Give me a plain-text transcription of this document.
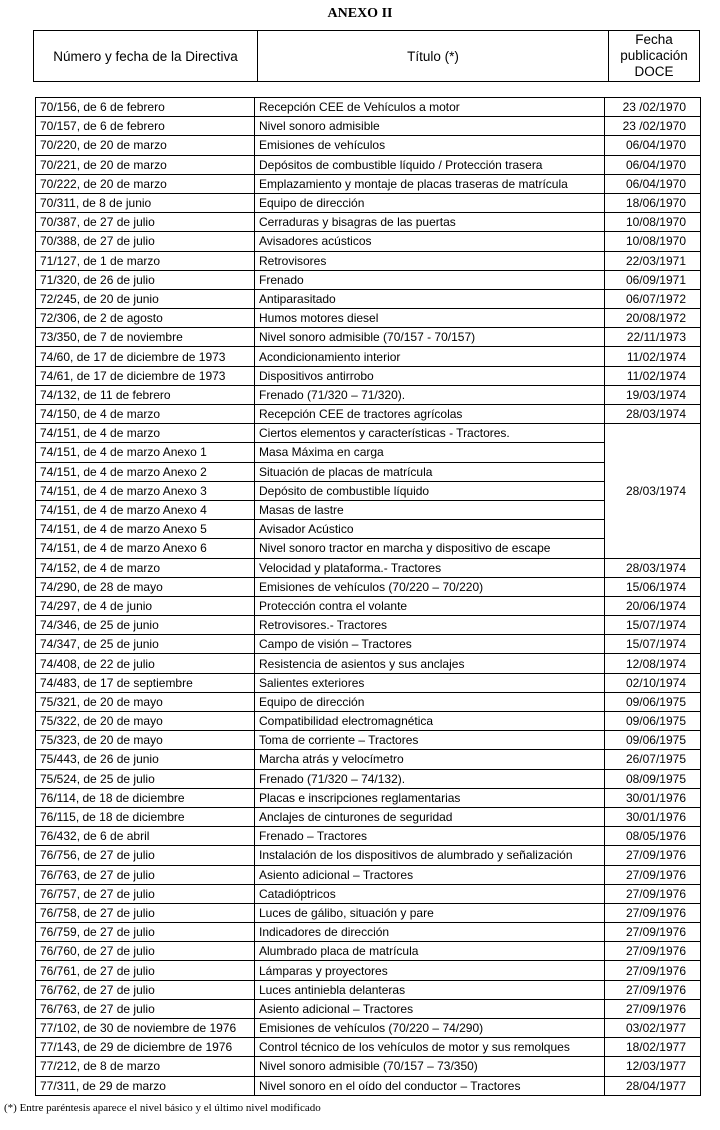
ANEXO II
Número y fecha de la Directiva	Título (*)
Fecha
publicación
DOCE
70/156, de 6 de febrero	Recepción CEE de Vehículos a motor	23 /02/1970
70/157, de 6 de febrero	Nivel sonoro admisible	23 /02/1970
70/220, de 20 de marzo	Emisiones de vehículos	06/04/1970
70/221, de 20 de marzo	Depósitos de combustible líquido / Protección trasera	06/04/1970
70/222, de 20 de marzo	Emplazamiento y montaje de placas traseras de matrícula	06/04/1970
70/311, de 8 de junio	Equipo de dirección	18/06/1970
70/387, de 27 de julio	Cerraduras y bisagras de las puertas	10/08/1970
70/388, de 27 de julio	Avisadores acústicos	10/08/1970
71/127, de 1 de marzo	Retrovisores	22/03/1971
71/320, de 26 de julio	Frenado	06/09/1971
72/245, de 20 de junio	Antiparasitado	06/07/1972
72/306, de 2 de agosto	Humos motores diesel	20/08/1972
73/350, de 7 de noviembre	Nivel sonoro admisible (70/157 - 70/157)	22/11/1973
74/60, de 17 de diciembre de 1973	Acondicionamiento interior	11/02/1974
74/61, de 17 de diciembre de 1973	Dispositivos antirrobo	11/02/1974
74/132, de 11 de febrero	Frenado (71/320 – 71/320).	19/03/1974
74/150, de 4 de marzo	Recepción CEE de tractores agrícolas	28/03/1974
74/151, de 4 de marzo	Ciertos elementos y características - Tractores.	28/03/1974
74/151, de 4 de marzo Anexo 1	Masa Máxima en carga	
74/151, de 4 de marzo Anexo 2	Situación de placas de matrícula	
74/151, de 4 de marzo Anexo 3	Depósito de combustible líquido	
74/151, de 4 de marzo Anexo 4	Masas de lastre	
74/151, de 4 de marzo Anexo 5	Avisador Acústico	
74/151, de 4 de marzo Anexo 6	Nivel sonoro tractor en marcha y dispositivo de escape	
74/152, de 4 de marzo	Velocidad y plataforma.- Tractores	28/03/1974
74/290, de 28 de mayo	Emisiones de vehículos (70/220 – 70/220)	15/06/1974
74/297, de 4 de junio	Protección contra el volante	20/06/1974
74/346, de 25 de junio	Retrovisores.- Tractores	15/07/1974
74/347, de 25 de junio	Campo de visión – Tractores	15/07/1974
74/408, de 22 de julio	Resistencia de asientos y sus anclajes	12/08/1974
74/483, de 17 de septiembre	Salientes exteriores	02/10/1974
75/321, de 20 de mayo	Equipo de dirección	09/06/1975
75/322, de 20 de mayo	Compatibilidad electromagnética	09/06/1975
75/323, de 20 de mayo	Toma de corriente – Tractores	09/06/1975
75/443, de 26 de junio	Marcha atrás y velocímetro	26/07/1975
75/524, de 25 de julio	Frenado (71/320 – 74/132).	08/09/1975
76/114, de 18 de diciembre	Placas e inscripciones reglamentarias	30/01/1976
76/115, de 18 de diciembre	Anclajes de cinturones de seguridad	30/01/1976
76/432, de 6 de abril	Frenado – Tractores	08/05/1976
76/756, de 27 de julio	Instalación de los dispositivos de alumbrado y señalización	27/09/1976
76/763, de 27 de julio	Asiento adicional – Tractores	27/09/1976
76/757, de 27 de julio	Catadióptricos	27/09/1976
76/758, de 27 de julio	Luces de gálibo, situación y pare	27/09/1976
76/759, de 27 de julio	Indicadores de dirección	27/09/1976
76/760, de 27 de julio	Alumbrado placa de matrícula	27/09/1976
76/761, de 27 de julio	Lámparas y proyectores	27/09/1976
76/762, de 27 de julio	Luces antiniebla delanteras	27/09/1976
76/763, de 27 de julio	Asiento adicional – Tractores	27/09/1976
77/102, de 30 de noviembre de 1976	Emisiones de vehículos (70/220 – 74/290)	03/02/1977
77/143, de 29 de diciembre de 1976	Control técnico de los vehículos de motor y sus remolques	18/02/1977
77/212, de 8 de marzo	Nivel sonoro admisible (70/157 – 73/350)	12/03/1977
77/311, de 29 de marzo	Nivel sonoro en el oído del conductor – Tractores	28/04/1977
(*) Entre paréntesis aparece el nivel básico y el último nivel modificado
